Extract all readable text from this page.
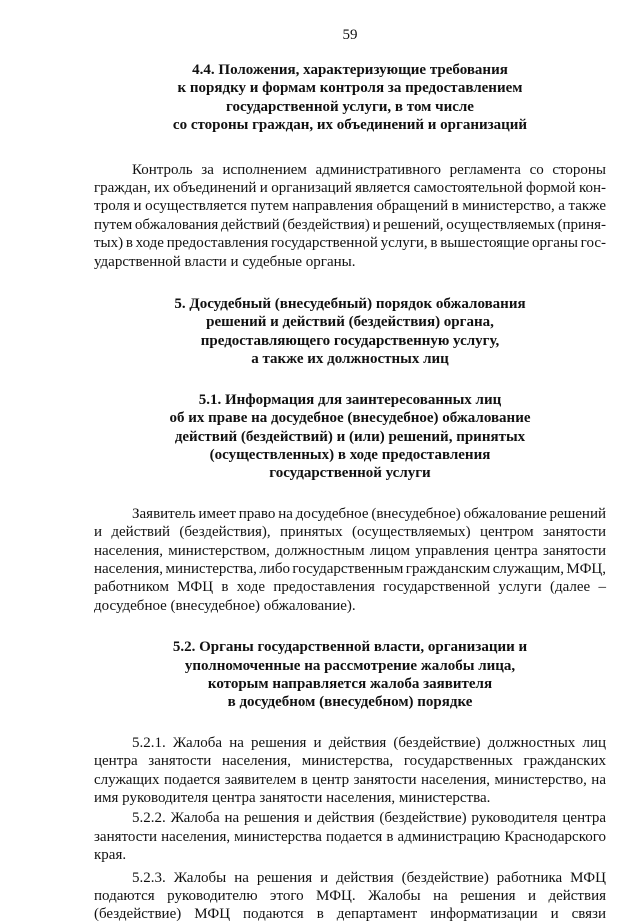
59
4.4. Положения, характеризующие требования
к порядку и формам контроля за предоставлением
государственной услуги, в том числе
со стороны граждан, их объединений и организаций
Контроль за исполнением административного регламента со стороны
граждан, их объединений и организаций является самостоятельной формой кон-
троля и осуществляется путем направления обращений в министерство, а также
путем обжалования действий (бездействия) и решений, осуществляемых (приня-
тых) в ходе предоставления государственной услуги, в вышестоящие органы гос-
ударственной власти и судебные органы.
5. Досудебный (внесудебный) порядок обжалования
решений и действий (бездействия) органа,
предоставляющего государственную услугу,
а также их должностных лиц
5.1. Информация для заинтересованных лиц
об их праве на досудебное (внесудебное) обжалование
действий (бездействий) и (или) решений, принятых
(осуществленных) в ходе предоставления
государственной услуги
Заявитель имеет право на досудебное (внесудебное) обжалование решений
и действий (бездействия), принятых (осуществляемых) центром занятости
населения, министерством, должностным лицом управления центра занятости
населения, министерства, либо государственным гражданским служащим, МФЦ,
работником МФЦ в ходе предоставления государственной услуги (далее –
досудебное (внесудебное) обжалование).
5.2. Органы государственной власти, организации и
уполномоченные на рассмотрение жалобы лица,
которым направляется жалоба заявителя
в досудебном (внесудебном) порядке
5.2.1. Жалоба на решения и действия (бездействие) должностных лиц
центра занятости населения, министерства, государственных гражданских
служащих подается заявителем в центр занятости населения, министерство, на
имя руководителя центра занятости населения, министерства.
5.2.2. Жалоба на решения и действия (бездействие) руководителя центра
занятости населения, министерства подается в администрацию Краснодарского
края.
5.2.3. Жалобы на решения и действия (бездействие) работника МФЦ
подаются руководителю этого МФЦ. Жалобы на решения и действия
(бездействие) МФЦ подаются в департамент информатизации и связи
